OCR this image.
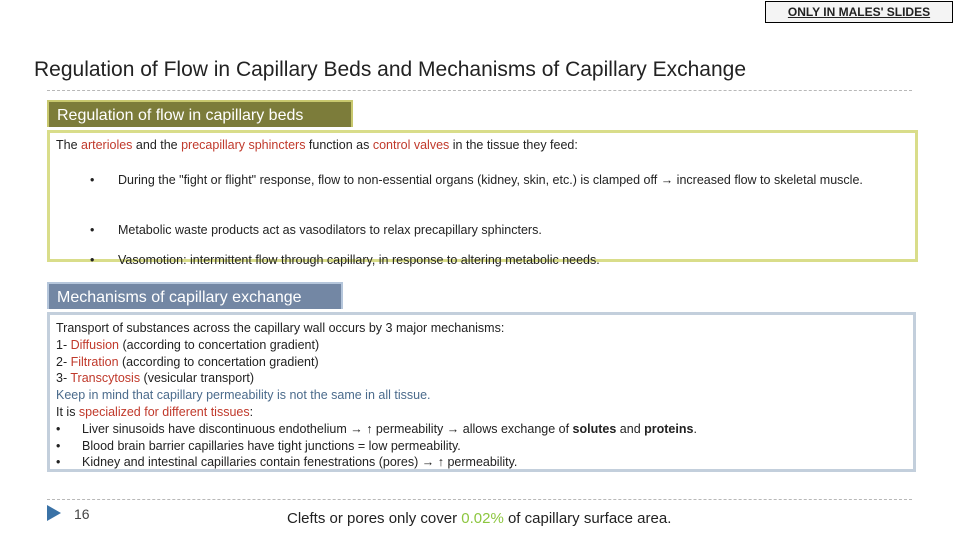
ONLY IN MALES' SLIDES
Regulation of Flow in Capillary Beds and Mechanisms of Capillary Exchange
Regulation of flow in capillary beds
The arterioles and the precapillary sphincters function as control valves in the tissue they feed:
•	During the "fight or flight" response, flow to non-essential organs (kidney, skin, etc.) is clamped off → increased flow to skeletal muscle.
•	Metabolic waste products act as vasodilators to relax precapillary sphincters.
•	Vasomotion: intermittent flow through capillary, in response to altering metabolic needs.
Mechanisms of capillary exchange
Transport of substances across the capillary wall occurs by 3 major mechanisms:
1- Diffusion (according to concertation gradient)
2- Filtration (according to concertation gradient)
3- Transcytosis (vesicular transport)
Keep in mind that capillary permeability is not the same in all tissue.
It is specialized for different tissues:
• Liver sinusoids have discontinuous endothelium → ↑ permeability → allows exchange of solutes and proteins.
• Blood brain barrier capillaries have tight junctions = low permeability.
• Kidney and intestinal capillaries contain fenestrations (pores) → ↑ permeability.
16	Clefts or pores only cover 0.02% of capillary surface area.
